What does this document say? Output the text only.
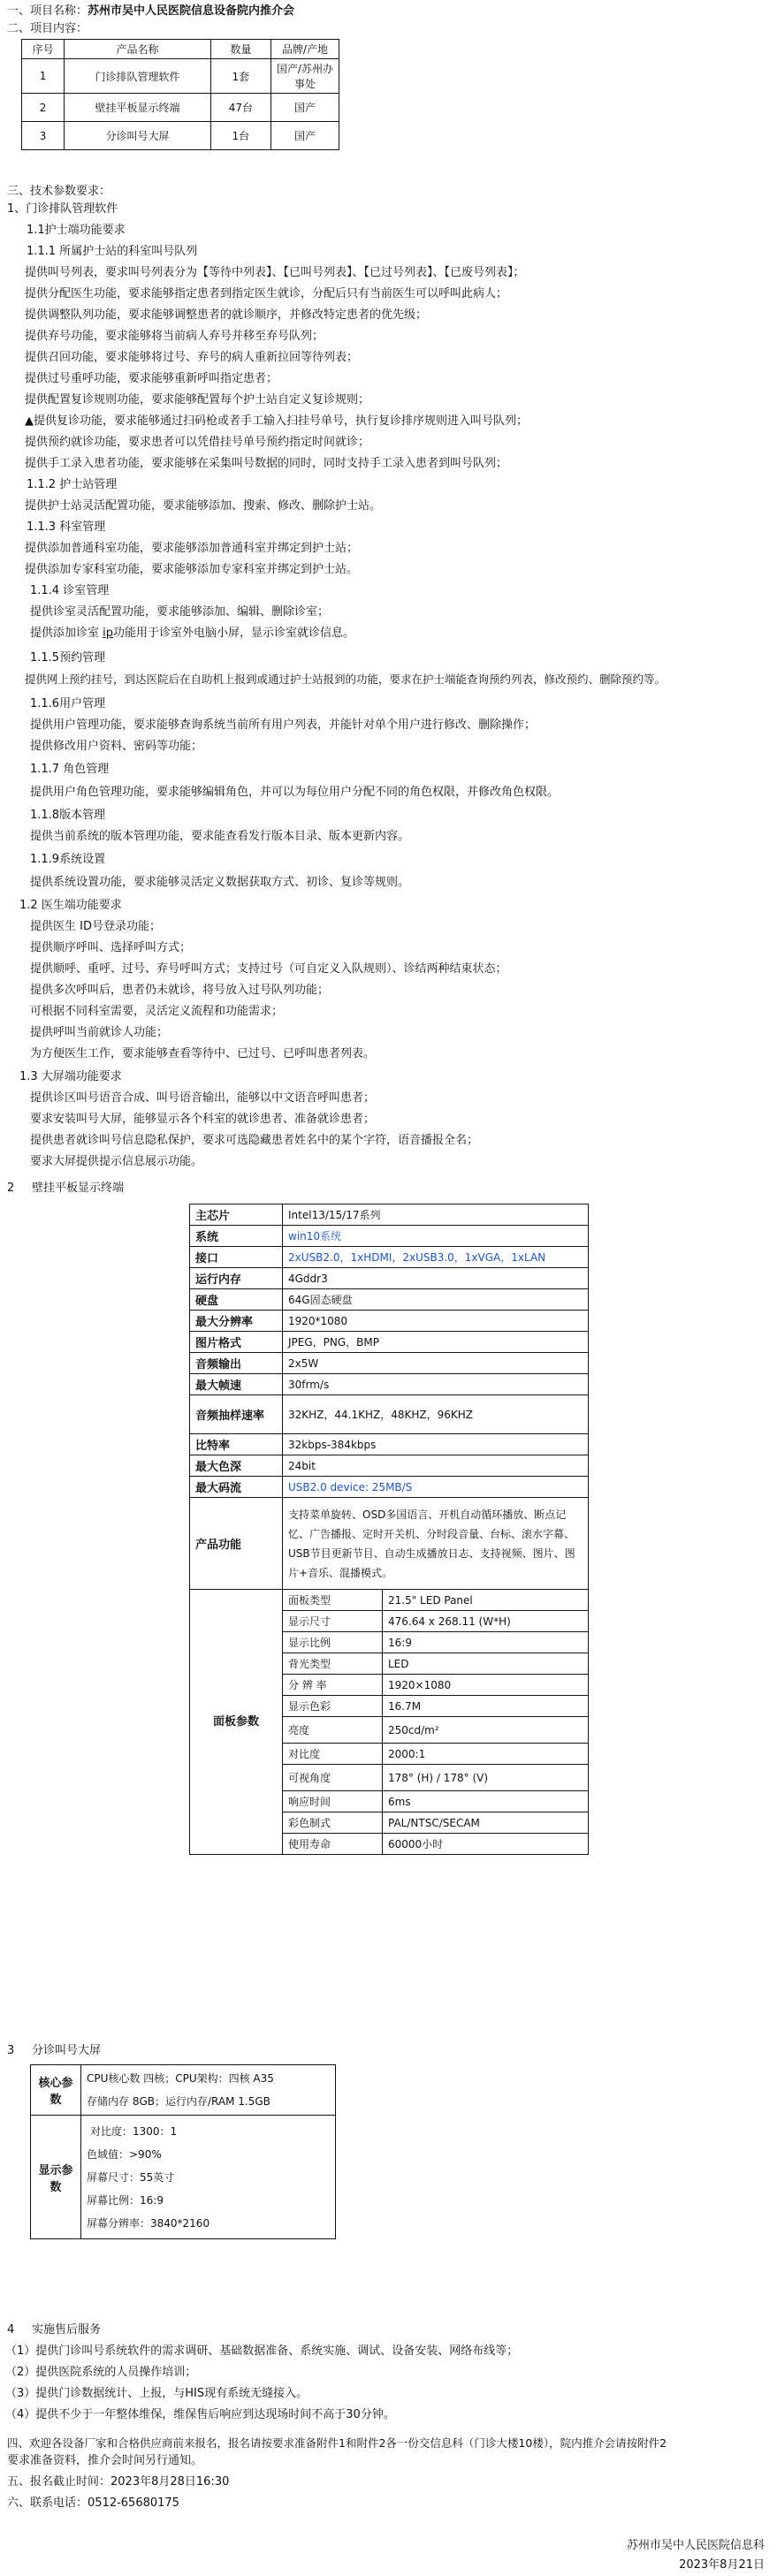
一、项目名称：苏州市吴中人民医院信息设备院内推介会
二、项目内容：
序号	产品名称	数量	品牌/产地
1	门诊排队管理软件	1套	国产/苏州办事处
2	壁挂平板显示终端	47台	国产
3	分诊叫号大屏	1台	国产
三、技术参数要求：
1、门诊排队管理软件
1.1护士端功能要求
1.1.1 所属护士站的科室叫号队列
提供叫号列表，要求叫号列表分为【等待中列表】、【已叫号列表】、【已过号列表】、【已废号列表】；
提供分配医生功能，要求能够指定患者到指定医生就诊，分配后只有当前医生可以呼叫此病人；
提供调整队列功能，要求能够调整患者的就诊顺序，并修改特定患者的优先级；
提供弃号功能，要求能够将当前病人弃号并移至弃号队列；
提供召回功能，要求能够将过号、弃号的病人重新拉回等待列表；
提供过号重呼功能，要求能够重新呼叫指定患者；
提供配置复诊规则功能，要求能够配置每个护士站自定义复诊规则；
▲提供复诊功能，要求能够通过扫码枪或者手工输入扫挂号单号，执行复诊排序规则进入叫号队列；
提供预约就诊功能，要求患者可以凭借挂号单号预约指定时间就诊；
提供手工录入患者功能，要求能够在采集叫号数据的同时，同时支持手工录入患者到叫号队列；
1.1.2 护士站管理
提供护士站灵活配置功能，要求能够添加、搜索、修改、删除护士站。
1.1.3 科室管理
提供添加普通科室功能，要求能够添加普通科室并绑定到护士站；
提供添加专家科室功能，要求能够添加专家科室并绑定到护士站。
1.1.4 诊室管理
提供诊室灵活配置功能，要求能够添加、编辑、删除诊室；
提供添加诊室 ip功能用于诊室外电脑小屏，显示诊室就诊信息。
1.1.5预约管理
提供网上预约挂号，到达医院后在自助机上报到或通过护士站报到的功能，要求在护士端能查询预约列表，修改预约、删除预约等。
1.1.6用户管理
提供用户管理功能，要求能够查询系统当前所有用户列表，并能针对单个用户进行修改、删除操作；
提供修改用户资料、密码等功能；
1.1.7 角色管理
提供用户角色管理功能，要求能够编辑角色，并可以为每位用户分配不同的角色权限，并修改角色权限。
1.1.8版本管理
提供当前系统的版本管理功能，要求能查看发行版本目录、版本更新内容。
1.1.9系统设置
提供系统设置功能，要求能够灵活定义数据获取方式、初诊、复诊等规则。
1.2 医生端功能要求
提供医生 ID号登录功能；
提供顺序呼叫、选择呼叫方式；
提供顺呼、重呼、过号、弃号呼叫方式；支持过号（可自定义入队规则）、诊结两种结束状态；
提供多次呼叫后，患者仍未就诊，将号放入过号队列功能；
可根据不同科室需要，灵活定义流程和功能需求；
提供呼叫当前就诊人功能；
为方便医生工作，要求能够查看等待中、已过号、已呼叫患者列表。
1.3 大屏端功能要求
提供诊区叫号语音合成、叫号语音输出，能够以中文语音呼叫患者；
要求安装叫号大屏，能够显示各个科室的就诊患者、准备就诊患者；
提供患者就诊叫号信息隐私保护，要求可选隐藏患者姓名中的某个字符，语音播报全名；
要求大屏提供提示信息展示功能。
2 壁挂平板显示终端
主芯片	Intel13/15/17系列	
系统	win10系统	
接口	2xUSB2.0，1xHDMI，2xUSB3.0，1xVGA，1xLAN	
运行内存	4Gddr3	
硬盘	64G固态硬盘	
最大分辨率	1920*1080	
图片格式	JPEG，PNG，BMP	
音频输出	2x5W	
最大帧速	30frm/s	
音频抽样速率	32KHZ，44.1KHZ，48KHZ，96KHZ	
比特率	32kbps-384kbps	
最大色深	24bit	
最大码流	USB2.0 device: 25MB/S	
产品功能	支持菜单旋转、OSD多国语言、开机自动循环播放、断点记忆、广告播报、定时开关机、分时段音量、台标、滚水字幕、USB节目更新节目、自动生成播放日志、支持视频、图片、图片+音乐、混播模式。	
面板参数	面板类型	21.5" LED Panel
	显示尺寸	476.64 x 268.11 (W*H)
	显示比例	16:9
	背光类型	LED
	分 辨 率	1920×1080
	显示色彩	16.7M
	亮度	250cd/m²
	对比度	2000:1
	可视角度	178° (H) / 178° (V)
	响应时间	6ms
	彩色制式	PAL/NTSC/SECAM
	使用寿命	60000小时
3 分诊叫号大屏
核心参数	CPU核心数 四核；CPU架构：四核 A35
存储内存 8GB；运行内存/RAM 1.5GB

显示参数	对比度：1300：1
色域值：>90%
屏幕尺寸：55英寸
屏幕比例：16:9
屏幕分辨率：3840*2160
4 实施售后服务
（1）提供门诊叫号系统软件的需求调研、基础数据准备、系统实施、调试、设备安装、网络布线等；
（2）提供医院系统的人员操作培训；
（3）提供门诊数据统计、上报，与HIS现有系统无缝接入。
（4）提供不少于一年整体维保，维保售后响应到达现场时间不高于30分钟。
四、欢迎各设备厂家和合格供应商前来报名，报名请按要求准备附件1和附件2各一份交信息科（门诊大楼10楼），院内推介会请按附件2
要求准备资料，推介会时间另行通知。
五、报名截止时间：2023年8月28日16:30
六、联系电话：0512-65680175
苏州市吴中人民医院信息科
2023年8月21日
